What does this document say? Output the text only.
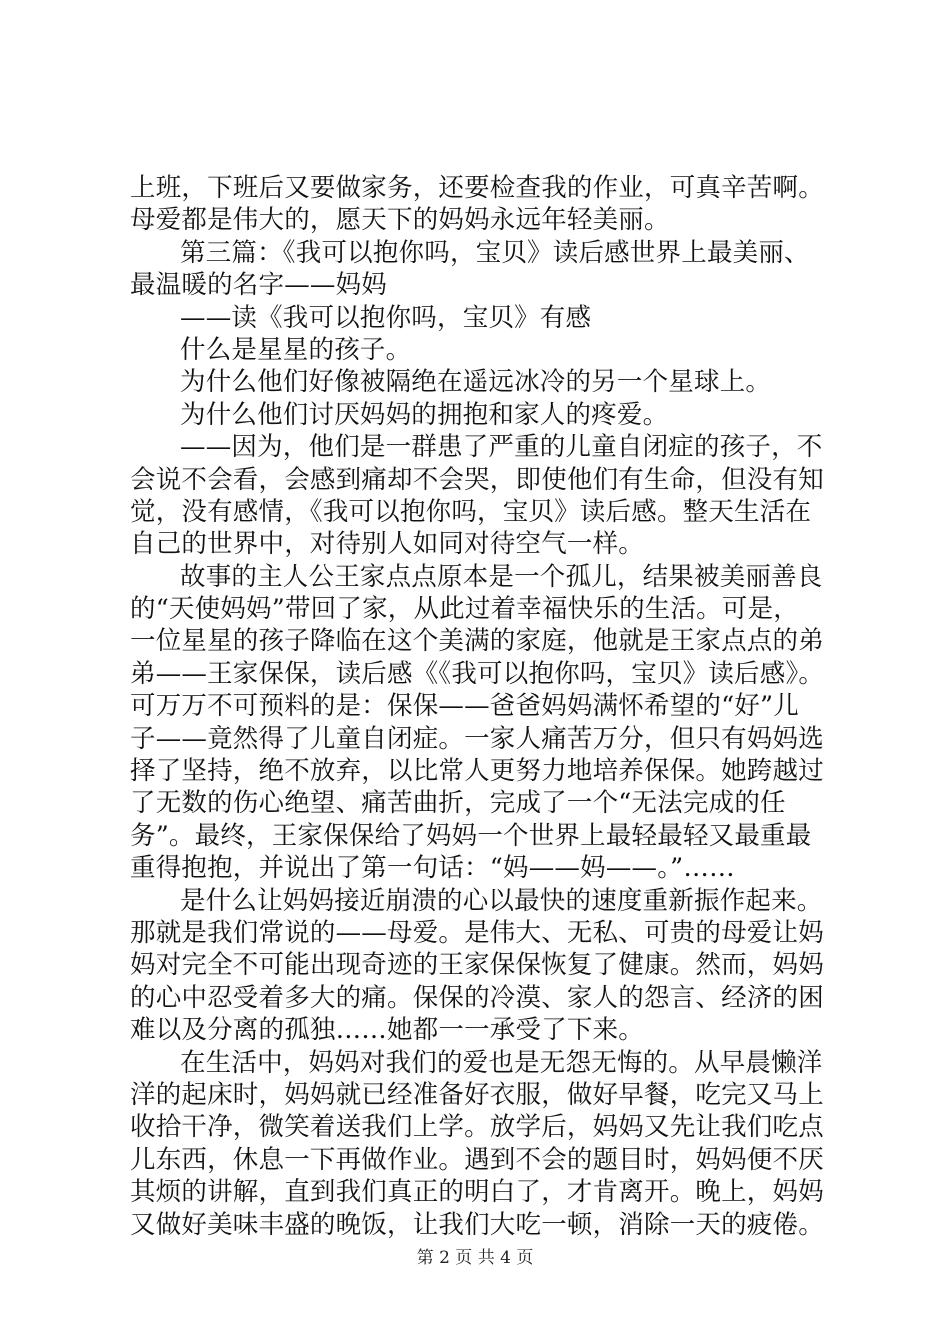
上班，下班后又要做家务，还要检查我的作业，可真辛苦啊。
母爱都是伟大的，愿天下的妈妈永远年轻美丽。
第三篇：《我可以抱你吗，宝贝》读后感世界上最美丽、
最温暖的名字——妈妈
——读《我可以抱你吗，宝贝》有感
什么是星星的孩子。
为什么他们好像被隔绝在遥远冰冷的另一个星球上。
为什么他们讨厌妈妈的拥抱和家人的疼爱。
——因为，他们是一群患了严重的儿童自闭症的孩子，不
会说不会看，会感到痛却不会哭，即使他们有生命，但没有知
觉，没有感情，《我可以抱你吗，宝贝》读后感。整天生活在
自己的世界中，对待别人如同对待空气一样。
故事的主人公王家点点原本是一个孤儿，结果被美丽善良
的“天使妈妈”带回了家，从此过着幸福快乐的生活。可是，
一位星星的孩子降临在这个美满的家庭，他就是王家点点的弟
弟——王家保保，读后感《《我可以抱你吗，宝贝》读后感》。
可万万不可预料的是：保保——爸爸妈妈满怀希望的“好”儿
子——竟然得了儿童自闭症。一家人痛苦万分，但只有妈妈选
择了坚持，绝不放弃，以比常人更努力地培养保保。她跨越过
了无数的伤心绝望、痛苦曲折，完成了一个“无法完成的任
务”。最终，王家保保给了妈妈一个世界上最轻最轻又最重最
重得抱抱，并说出了第一句话：“妈——妈——。”……
是什么让妈妈接近崩溃的心以最快的速度重新振作起来。
那就是我们常说的——母爱。是伟大、无私、可贵的母爱让妈
妈对完全不可能出现奇迹的王家保保恢复了健康。然而，妈妈
的心中忍受着多大的痛。保保的冷漠、家人的怨言、经济的困
难以及分离的孤独……她都一一承受了下来。
在生活中，妈妈对我们的爱也是无怨无悔的。从早晨懒洋
洋的起床时，妈妈就已经准备好衣服，做好早餐，吃完又马上
收拾干净，微笑着送我们上学。放学后，妈妈又先让我们吃点
儿东西，休息一下再做作业。遇到不会的题目时，妈妈便不厌
其烦的讲解，直到我们真正的明白了，才肯离开。晚上，妈妈
又做好美味丰盛的晚饭，让我们大吃一顿，消除一天的疲倦。
第 2 页 共 4 页
